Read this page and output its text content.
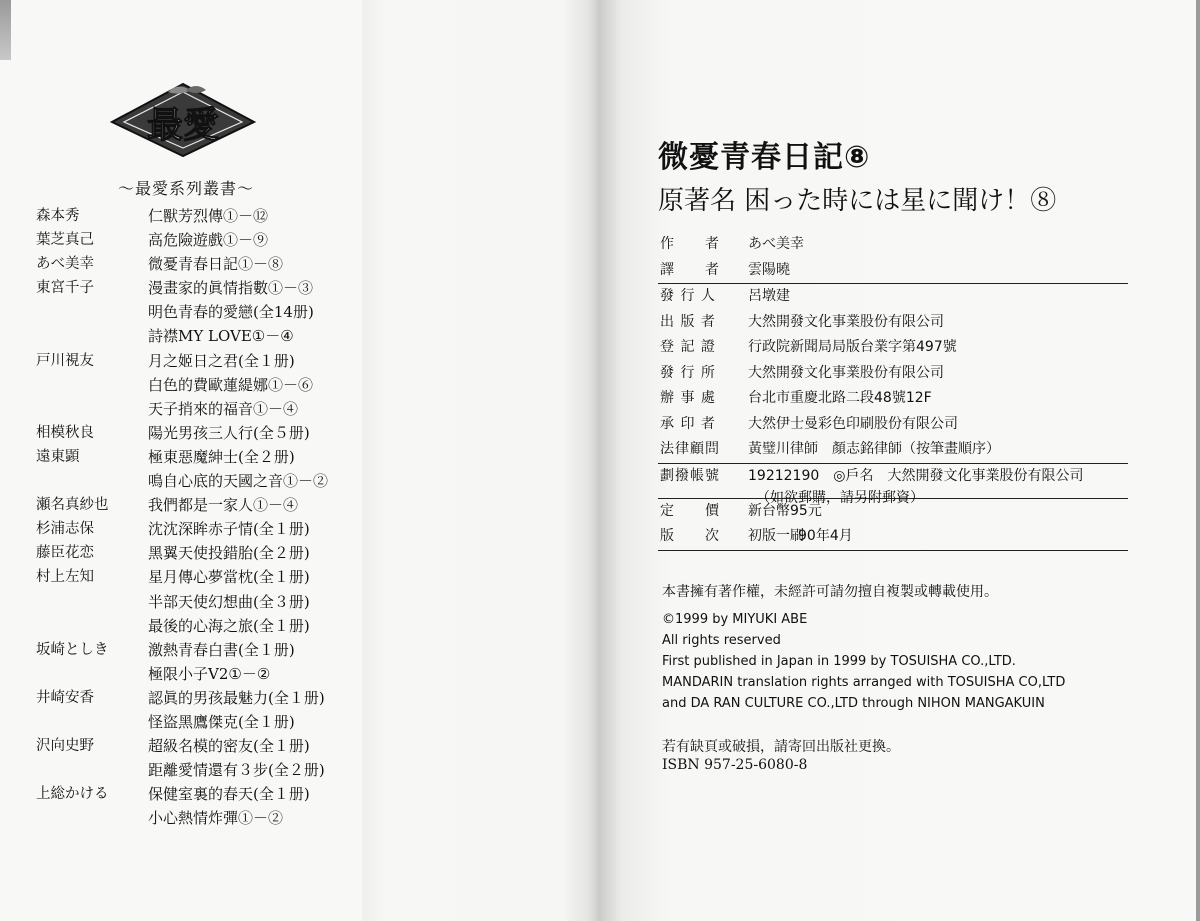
最愛
～最愛系列叢書～
森本秀	仁獸芳烈傳①－⑫
葉芝真己	高危險遊戲①－⑨
あべ美幸	微憂青春日記①－⑧
東宮千子	漫畫家的眞情指數①－③
明色青春的愛戀(全14册)
詩襟MY LOVE①－④
戸川視友	月之姬日之君(全１册)
白色的費歐蓮緹娜①－⑥
天子捎來的福音①－④
相模秋良	陽光男孩三人行(全５册)
遠東顕	極東惡魔紳士(全２册)
鳴自心底的天國之音①－②
瀬名真紗也	我們都是一家人①－④
杉浦志保	沈沈深眸赤子情(全１册)
藤臣花恋	黑翼天使投錯胎(全２册)
村上左知	星月傳心夢當枕(全１册)
半部天使幻想曲(全３册)
最後的心海之旅(全１册)
坂崎としき	激熱青春白書(全１册)
極限小子V2①－②
井崎安香	認眞的男孩最魅力(全１册)
怪盜黑鷹傑克(全１册)
沢向史野	超級名模的密友(全１册)
距離愛情還有３步(全２册)
上総かける	保健室裏的春天(全１册)
小心熱情炸彈①－②
微憂青春日記⑧
原著名 困った時には星に聞け！⑧
作　　者	あべ美幸
譯　　者	雲陽曉
發 行 人	呂墩建
出 版 者	大然開發文化事業股份有限公司
登 記 證	行政院新聞局局版台業字第497號
發 行 所	大然開發文化事業股份有限公司
辦 事 處	台北市重慶北路二段48號12F
承 印 者	大然伊士曼彩色印刷股份有限公司
法律顧問	黃璧川律師　顏志銘律師（按筆畫順序）
劃撥帳號	19212190　◎戶名　大然開發文化事業股份有限公司
（如欲郵購，請另附郵資）
定　　價	新台幣95元
版　　次	初版一刷
90年4月
本書擁有著作權，未經許可請勿擅自複製或轉載使用。
©1999 by MIYUKI ABE
All rights reserved
First published in Japan in 1999 by TOSUISHA CO.,LTD.
MANDARIN translation rights arranged with TOSUISHA CO,LTD
and DA RAN CULTURE CO.,LTD through NIHON MANGAKUIN
若有缺頁或破損，請寄回出版社更換。
ISBN 957-25-6080-8
